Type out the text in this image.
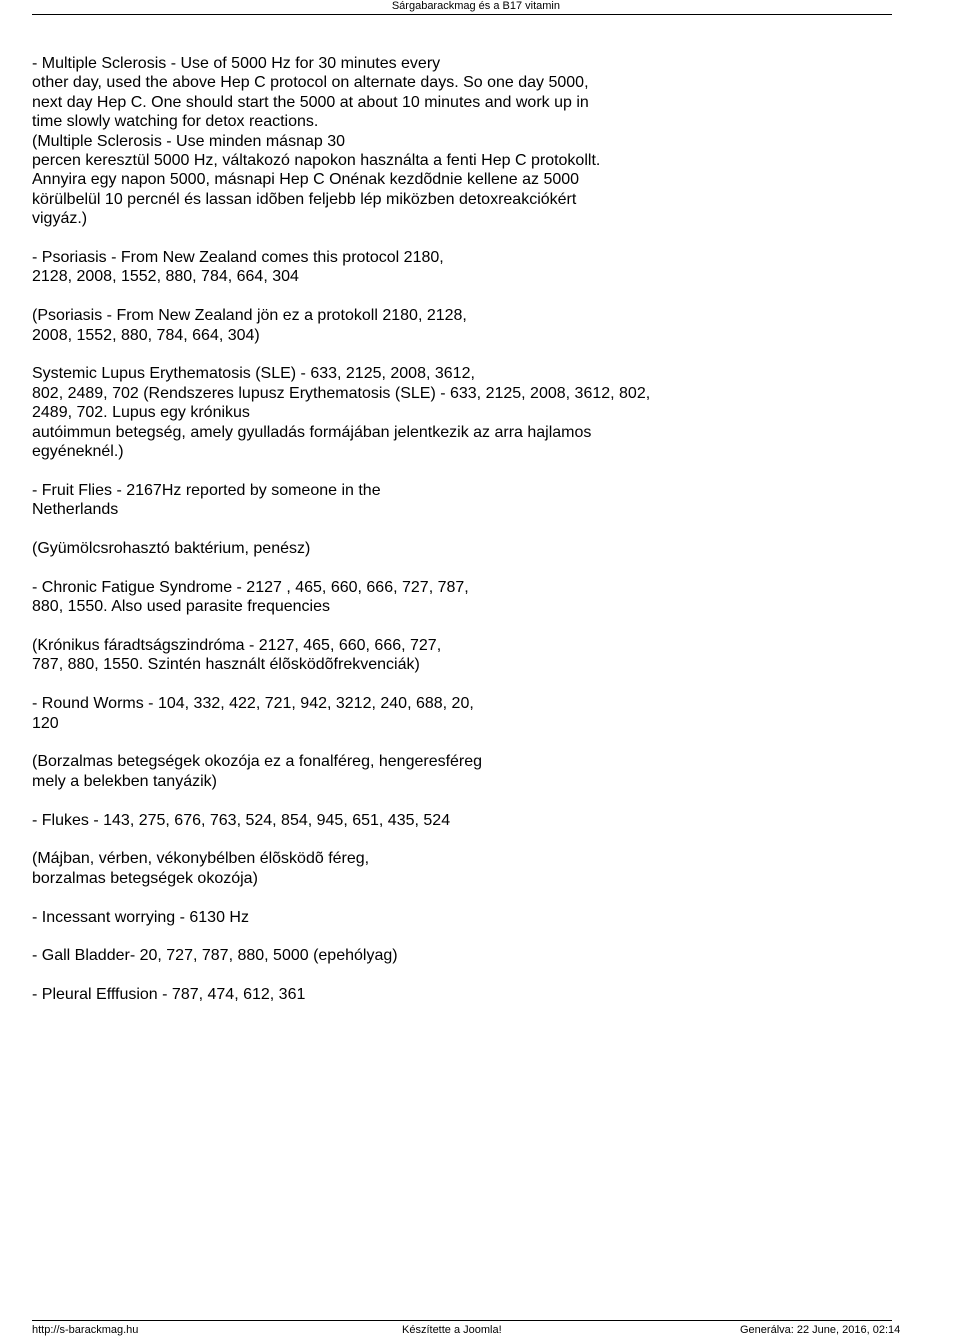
Sárgabarackmag és a B17 vitamin
- Multiple Sclerosis - Use of 5000 Hz for 30 minutes every
other day, used the above Hep C protocol on alternate days. So one day 5000,
next day Hep C. One should start the 5000 at about 10 minutes and work up in
time slowly watching for detox reactions.
(Multiple Sclerosis - Use minden másnap 30
percen keresztül 5000 Hz, váltakozó napokon használta a fenti Hep C protokollt.
Annyira egy napon 5000, másnapi Hep C Onénak kezdõdnie kellene az 5000
körülbelül 10 percnél és lassan idõben feljebb lép miközben detoxreakciókért
vigyáz.)
- Psoriasis - From New Zealand comes this protocol 2180,
2128, 2008, 1552, 880, 784, 664, 304
(Psoriasis - From New Zealand jön ez a protokoll 2180, 2128,
2008, 1552, 880, 784, 664, 304)
Systemic Lupus Erythematosis (SLE) - 633, 2125, 2008, 3612,
802, 2489, 702 (Rendszeres lupusz Erythematosis (SLE) - 633, 2125, 2008, 3612, 802,
2489, 702. Lupus egy krónikus
autóimmun betegség, amely gyulladás formájában jelentkezik az arra hajlamos
egyéneknél.)
- Fruit Flies - 2167Hz reported by someone in the
Netherlands
(Gyümölcsrohasztó baktérium, penész)
- Chronic Fatigue Syndrome - 2127 , 465, 660, 666, 727, 787,
880, 1550. Also used parasite frequencies
(Krónikus fáradtságszindróma - 2127, 465, 660, 666, 727,
787, 880, 1550. Szintén használt élõsködõfrekvenciák)
- Round Worms - 104, 332, 422, 721, 942, 3212, 240, 688, 20,
120
(Borzalmas betegségek okozója ez a fonalféreg, hengeresféreg
mely a belekben tanyázik)
- Flukes - 143, 275, 676, 763, 524, 854, 945, 651, 435, 524
(Májban, vérben, vékonybélben élõsködõ féreg,
borzalmas betegségek okozója)
- Incessant worrying - 6130 Hz
- Gall Bladder- 20, 727, 787, 880, 5000 (epehólyag)
- Pleural Efffusion - 787, 474, 612, 361
http://s-barackmag.hu	Készítette a Joomla!	Generálva: 22 June, 2016, 02:14
